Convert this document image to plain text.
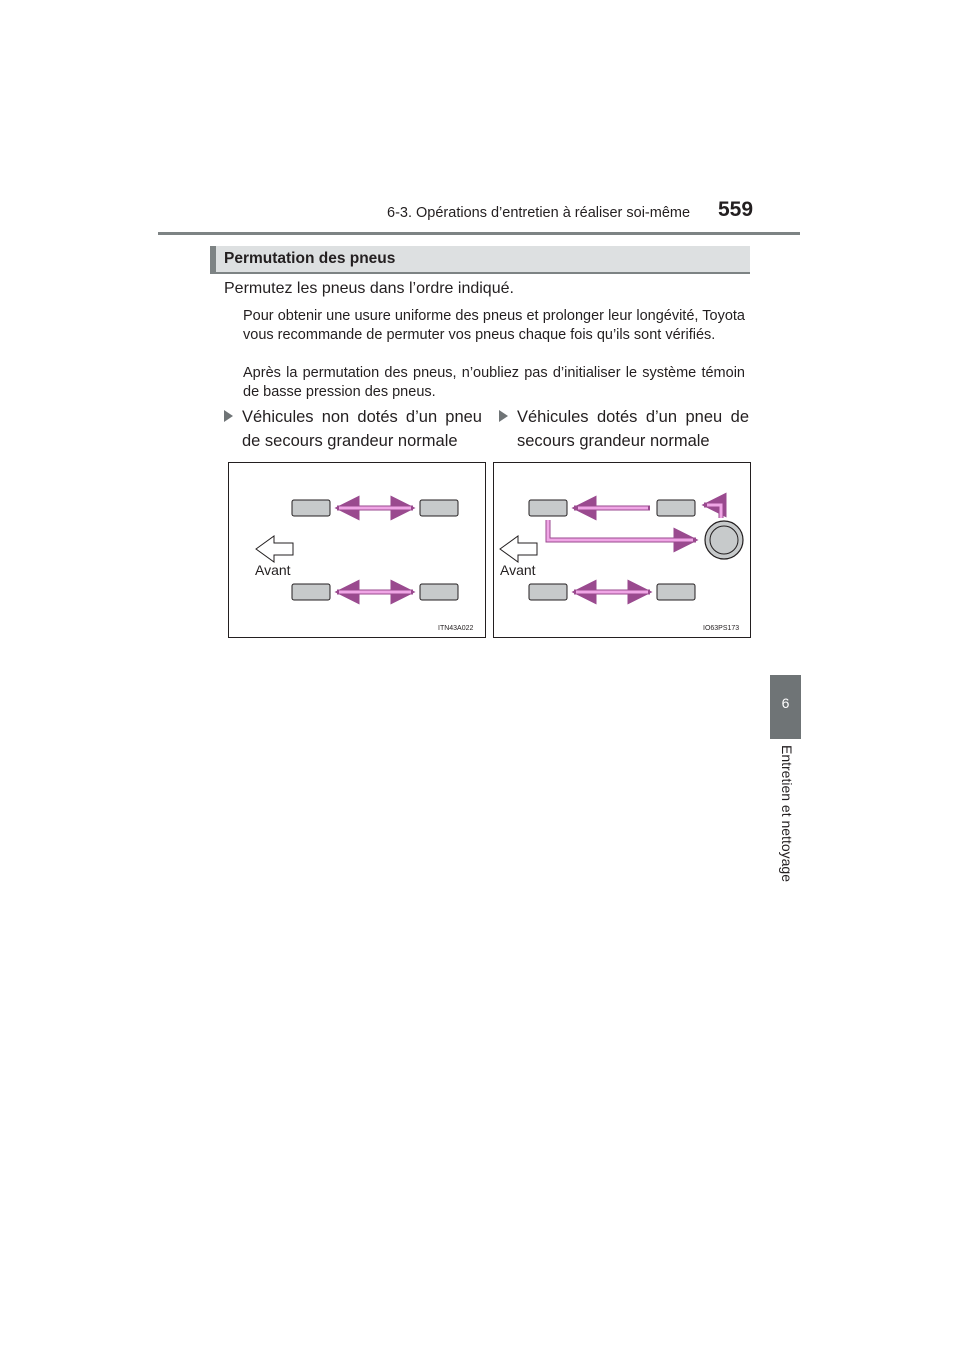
6-3. Opérations d’entretien à réaliser soi-même 559
6
Entretien et nettoyage
Permutation des pneus
Permutez les pneus dans l’ordre indiqué.
Pour obtenir une usure uniforme des pneus et prolonger leur longévité, Toyota vous recommande de permuter vos pneus chaque fois qu’ils sont vérifiés.
Après la permutation des pneus, n’oubliez pas d’initialiser le système témoin de basse pression des pneus.
Véhicules non dotés d’un pneu de secours grandeur normale
Véhicules dotés d’un pneu de secours grandeur normale
Avant
ITN43A022
Avant
IO63PS173
